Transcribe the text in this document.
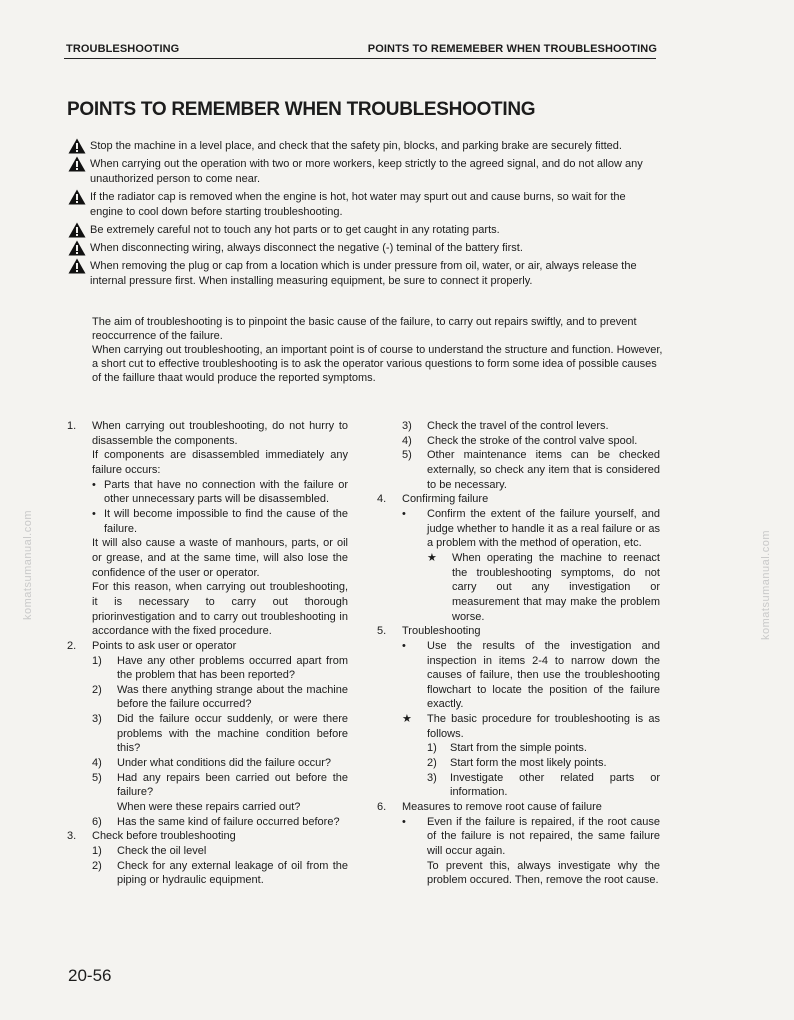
TROUBLESHOOTING	POINTS TO REMEMEBER WHEN TROUBLESHOOTING
POINTS TO REMEMBER WHEN TROUBLESHOOTING
Stop the machine in a level place, and check that the safety pin, blocks, and parking brake are securely fitted.
When carrying out the operation with two or more workers, keep strictly to the agreed signal, and do not allow any unauthorized person to come near.
If the radiator cap is removed when the engine is hot, hot water may spurt out and cause burns, so wait for the engine to cool down before starting troubleshooting.
Be extremely careful not to touch any hot parts or to get caught in any rotating parts.
When disconnecting wiring, always disconnect the negative (-) teminal of the battery first.
When removing the plug or cap from a location which is under pressure from oil, water, or air, always release the internal pressure first. When installing measuring equipment, be sure to connect it properly.

The aim of troubleshooting is to pinpoint the basic cause of the failure, to carry out repairs swiftly, and to prevent reoccurrence of the failure.

When carrying out troubleshooting, an important point is of course to understand the structure and function. However, a short cut to effective troubleshooting is to ask the operator various questions to form some idea of possible causes of the faillure thaat would produce the reported symptoms.

1.	When carrying out troubleshooting, do not hurry to disassemble the components.

If components are disassembled immediately any failure occurs:

• Parts that have no connection with the failure or other unnecessary parts will be disassembled.

• It will become impossible to find the cause of the failure.

It will also cause a waste of manhours, parts, or oil or grease, and at the same time, will also lose the confidence of the user or operator.

For this reason, when carrying out troubleshooting, it is necessary to carry out thorough priorinvestigation and to carry out troubleshooting in accordance with the fixed procedure.

2.	Points to ask user or operator

1)	Have any other problems occurred apart from the problem that has been reported?

2)	Was there anything strange about the machine before the failure occurred?

3)	Did the failure occur suddenly, or were there problems with the machine condition before this?

4)	Under what conditions did the failure occur?

5)	Had any repairs been carried out before the failure?

When were these repairs carried out?

6)	Has the same kind of failure occurred before?

3.	Check before troubleshooting

1)	Check the oil level

2)	Check for any external leakage of oil from the piping or hydraulic equipment.

3)	Check the travel of the control levers.

4)	Check the stroke of the control valve spool.

5)	Other maintenance items can be checked externally, so check any item that is considered to be necessary.

4.	Confirming failure

•	Confirm the extent of the failure yourself, and judge whether to handle it as a real failure or as a problem with the method of operation, etc.

★	When operating the machine to reenact the troubleshooting symptoms, do not carry out any investigation or measurement that may make the problem worse.

5.	Troubleshooting

•	Use the results of the investigation and inspection in items 2-4 to narrow down the causes of failure, then use the troubleshooting flowchart to locate the position of the failure exactly.

★	The basic procedure for troubleshooting is as follows.

1)	Start from the simple points.

2)	Start form the most likely points.

3)	Investigate other related parts or information.

6.	Measures to remove root cause of failure

•	Even if the failure is repaired, if the root cause of the failure is not repaired, the same failure will occur again.

To prevent this, always investigate why the problem occured. Then, remove the root cause.

20-56
komatsumanual.com	komatsumanual.com
